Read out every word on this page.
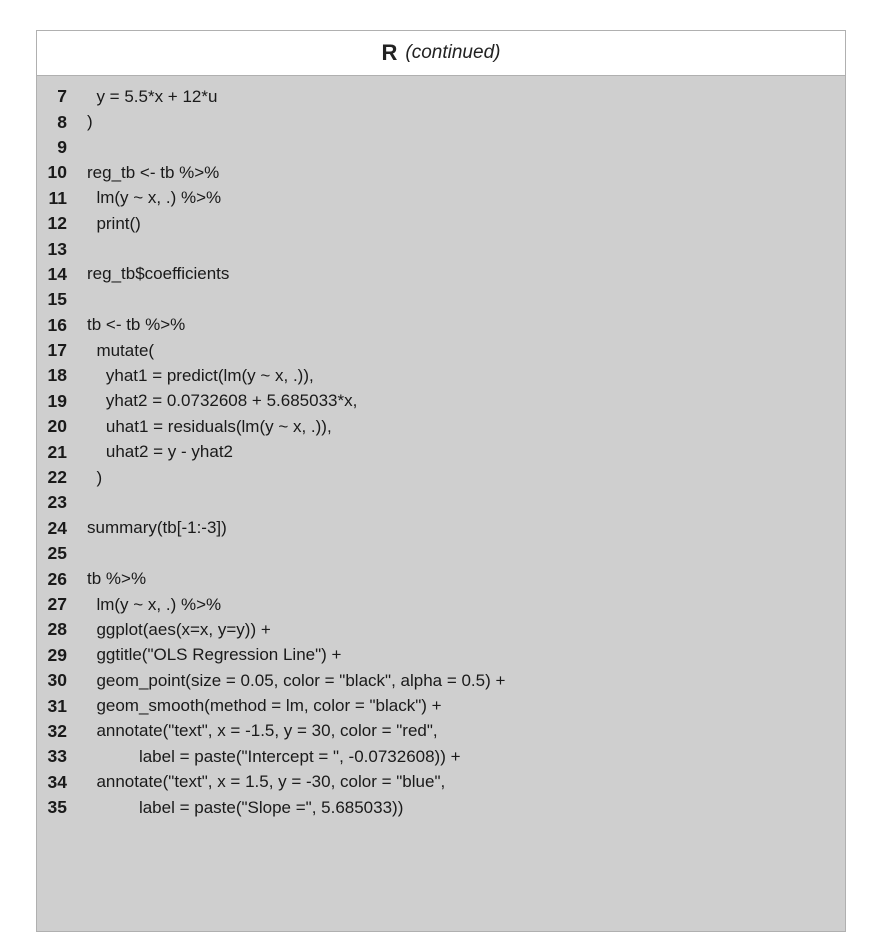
R (continued)
7 y = 5.5*x + 12*u
8 )
9
10 reg_tb <- tb %>%
11 lm(y ~ x, .) %>%
12 print()
13
14 reg_tb$coefficients
15
16 tb <- tb %>%
17 mutate(
18 yhat1 = predict(lm(y ~ x, .)),
19 yhat2 = 0.0732608 + 5.685033*x,
20 uhat1 = residuals(lm(y ~ x, .)),
21 uhat2 = y - yhat2
22 )
23
24 summary(tb[-1:-3])
25
26 tb %>%
27 lm(y ~ x, .) %>%
28 ggplot(aes(x=x, y=y)) +
29 ggtitle("OLS Regression Line") +
30 geom_point(size = 0.05, color = "black", alpha = 0.5) +
31 geom_smooth(method = lm, color = "black") +
32 annotate("text", x = -1.5, y = 30, color = "red",
33 label = paste("Intercept = ", -0.0732608)) +
34 annotate("text", x = 1.5, y = -30, color = "blue",
35 label = paste("Slope =", 5.685033))
